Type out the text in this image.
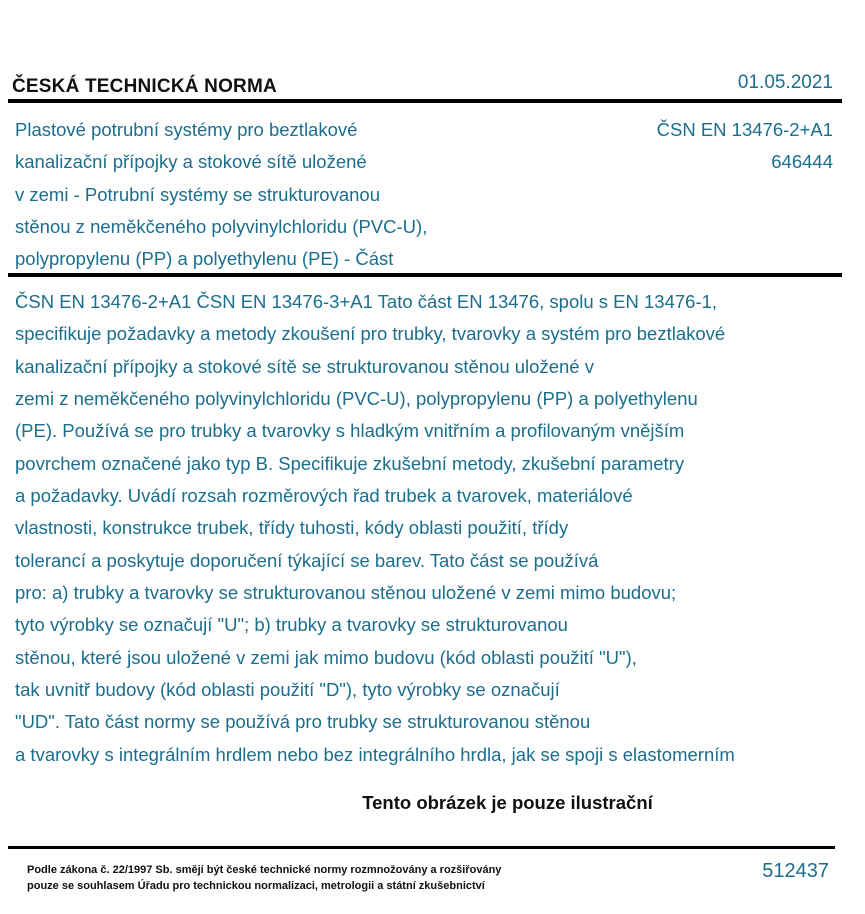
ČESKÁ TECHNICKÁ NORMA	01.05.2021
Plastové potrubní systémy pro beztlakové
kanalizační přípojky a stokové sítě uložené
v zemi - Potrubní systémy se strukturovanou
stěnou z neměkčeného polyvinylchloridu (PVC-U),
polypropylenu (PP) a polyethylenu (PE) - Část
ČSN EN 13476-2+A1
646444
ČSN EN 13476-2+A1 ČSN EN 13476-3+A1 Tato část EN 13476, spolu s EN 13476-1,
specifikuje požadavky a metody zkoušení pro trubky, tvarovky a systém pro beztlakové
kanalizační přípojky a stokové sítě se strukturovanou stěnou uložené v
zemi z neměkčeného polyvinylchloridu (PVC-U), polypropylenu (PP) a polyethylenu
(PE). Používá se pro trubky a tvarovky s hladkým vnitřním a profilovaným vnějším
povrchem označené jako typ B. Specifikuje zkušební metody, zkušební parametry
a požadavky. Uvádí rozsah rozměrových řad trubek a tvarovek, materiálové
vlastnosti, konstrukce trubek, třídy tuhosti, kódy oblasti použití, třídy
tolerancí a poskytuje doporučení týkající se barev. Tato část se používá
pro: a) trubky a tvarovky se strukturovanou stěnou uložené v zemi mimo budovu;
tyto výrobky se označují "U"; b) trubky a tvarovky se strukturovanou
stěnou, které jsou uložené v zemi jak mimo budovu (kód oblasti použití "U"),
tak uvnitř budovy (kód oblasti použití "D"), tyto výrobky se označují
"UD". Tato část normy se používá pro trubky se strukturovanou stěnou
a tvarovky s integrálním hrdlem nebo bez integrálního hrdla, jak se spoji s elastomerním
Tento obrázek je pouze ilustrační
Podle zákona č. 22/1997 Sb. smějí být české technické normy rozmnožovány a rozšiřovány
pouze se souhlasem Úřadu pro technickou normalizaci, metrologii a státní zkušebnictví
512437
